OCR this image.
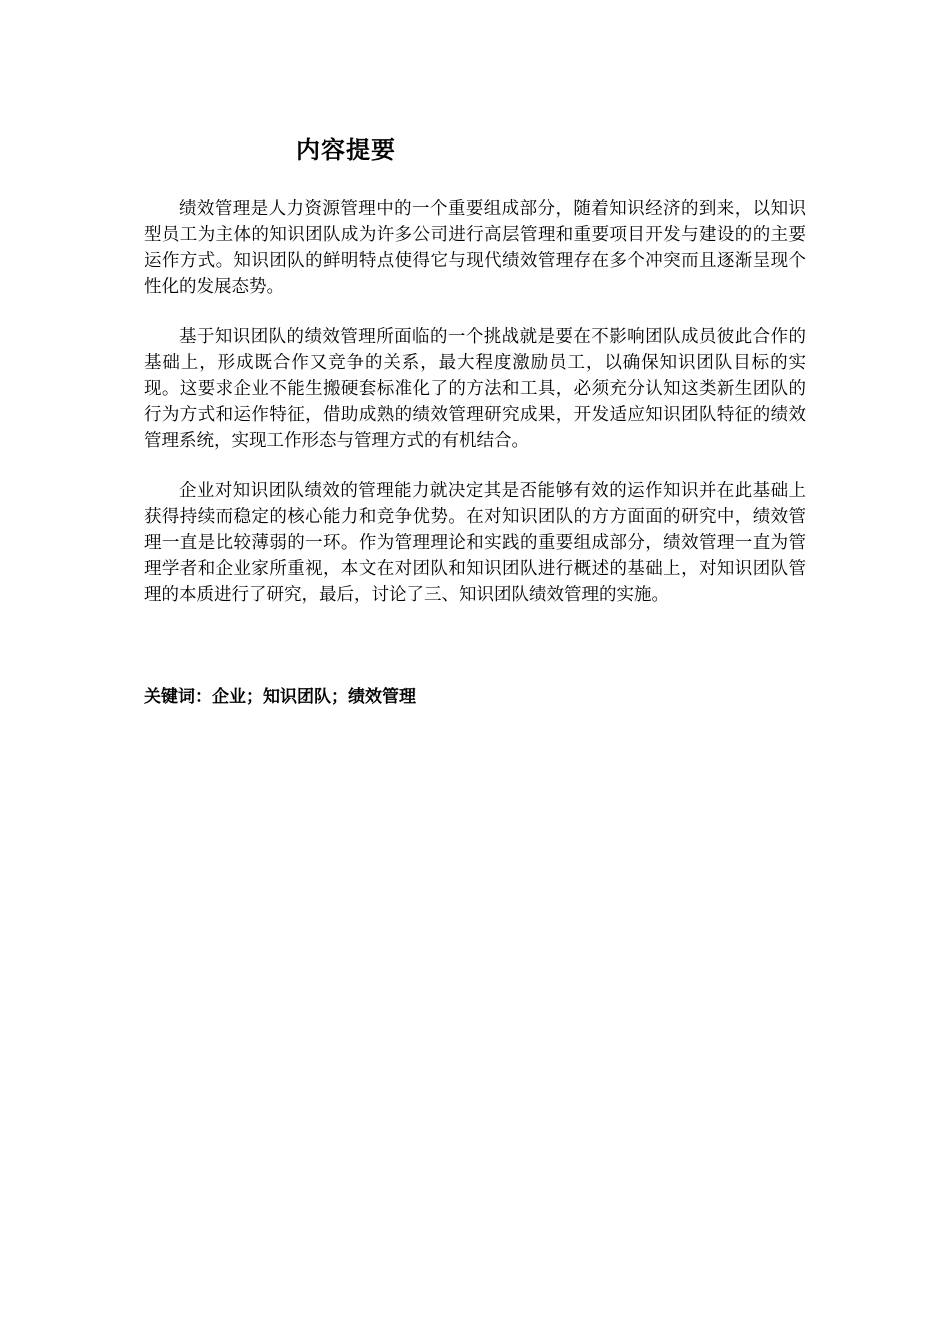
内容提要

绩效管理是人力资源管理中的一个重要组成部分，随着知识经济的到来，以知识型员工为主体的知识团队成为许多公司进行高层管理和重要项目开发与建设的的主要运作方式。知识团队的鲜明特点使得它与现代绩效管理存在多个冲突而且逐渐呈现个性化的发展态势。

基于知识团队的绩效管理所面临的一个挑战就是要在不影响团队成员彼此合作的基础上，形成既合作又竞争的关系，最大程度激励员工，以确保知识团队目标的实现。这要求企业不能生搬硬套标准化了的方法和工具，必须充分认知这类新生团队的行为方式和运作特征，借助成熟的绩效管理研究成果，开发适应知识团队特征的绩效管理系统，实现工作形态与管理方式的有机结合。

企业对知识团队绩效的管理能力就决定其是否能够有效的运作知识并在此基础上获得持续而稳定的核心能力和竞争优势。在对知识团队的方方面面的研究中，绩效管理一直是比较薄弱的一环。作为管理理论和实践的重要组成部分，绩效管理一直为管理学者和企业家所重视，本文在对团队和知识团队进行概述的基础上，对知识团队管理的本质进行了研究，最后，讨论了三、知识团队绩效管理的实施。

关键词：企业；知识团队；绩效管理
